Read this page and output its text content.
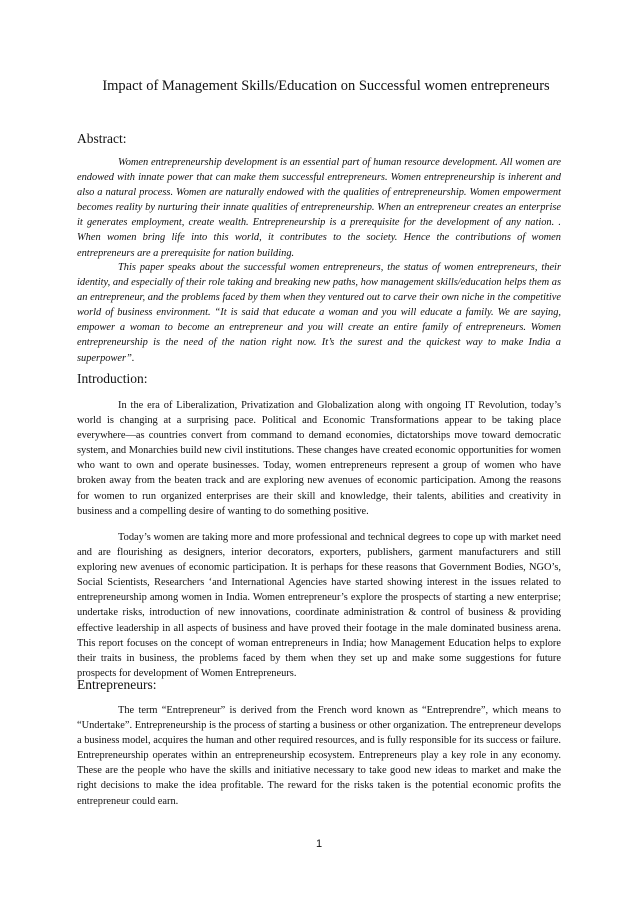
Impact of Management Skills/Education on Successful women entrepreneurs
Abstract:

Women entrepreneurship development is an essential part of human resource development. All women are endowed with innate power that can make them successful entrepreneurs. Women entrepreneurship is inherent and also a natural process. Women are naturally endowed with the qualities of entrepreneurship. Women empowerment becomes reality by nurturing their innate qualities of entrepreneurship. When an entrepreneur creates an enterprise it generates employment, create wealth. Entrepreneurship is a prerequisite for the development of any nation. . When women bring life into this world, it contributes to the society. Hence the contributions of women entrepreneurs are a prerequisite for nation building.

This paper speaks about the successful women entrepreneurs, the status of women entrepreneurs, their identity, and especially of their role taking and breaking new paths, how management skills/education helps them as an entrepreneur, and the problems faced by them when they ventured out to carve their own niche in the competitive world of business environment. “It is said that educate a woman and you will educate a family. We are saying, empower a woman to become an entrepreneur and you will create an entire family of entrepreneurs. Women entrepreneurship is the need of the nation right now. It’s the surest and the quickest way to make India a superpower”.

Introduction:

In the era of Liberalization, Privatization and Globalization along with ongoing IT Revolution, today’s world is changing at a surprising pace. Political and Economic Transformations appear to be taking place everywhere—as countries convert from command to demand economies, dictatorships move toward democratic system, and Monarchies build new civil institutions. These changes have created economic opportunities for women who want to own and operate businesses. Today, women entrepreneurs represent a group of women who have broken away from the beaten track and are exploring new avenues of economic participation. Among the reasons for women to run organized enterprises are their skill and knowledge, their talents, abilities and creativity in business and a compelling desire of wanting to do something positive.

Today’s women are taking more and more professional and technical degrees to cope up with market need and are flourishing as designers, interior decorators, exporters, publishers, garment manufacturers and still exploring new avenues of economic participation. It is perhaps for these reasons that Government Bodies, NGO’s, Social Scientists, Researchers ‘and International Agencies have started showing interest in the issues related to entrepreneurship among women in India. Women entrepreneur’s explore the prospects of starting a new enterprise; undertake risks, introduction of new innovations, coordinate administration & control of business & providing effective leadership in all aspects of business and have proved their footage in the male dominated business arena. This report focuses on the concept of woman entrepreneurs in India; how Management Education helps to explore their traits in business, the problems faced by them when they set up and make some suggestions for future prospects for development of Women Entrepreneurs.

Entrepreneurs:

The term “Entrepreneur” is derived from the French word known as “Entreprendre”, which means to “Undertake”. Entrepreneurship is the process of starting a business or other organization. The entrepreneur develops a business model, acquires the human and other required resources, and is fully responsible for its success or failure. Entrepreneurship operates within an entrepreneurship ecosystem. Entrepreneurs play a key role in any economy. These are the people who have the skills and initiative necessary to take good new ideas to market and make the right decisions to make the idea profitable. The reward for the risks taken is the potential economic profits the entrepreneur could earn.

1
